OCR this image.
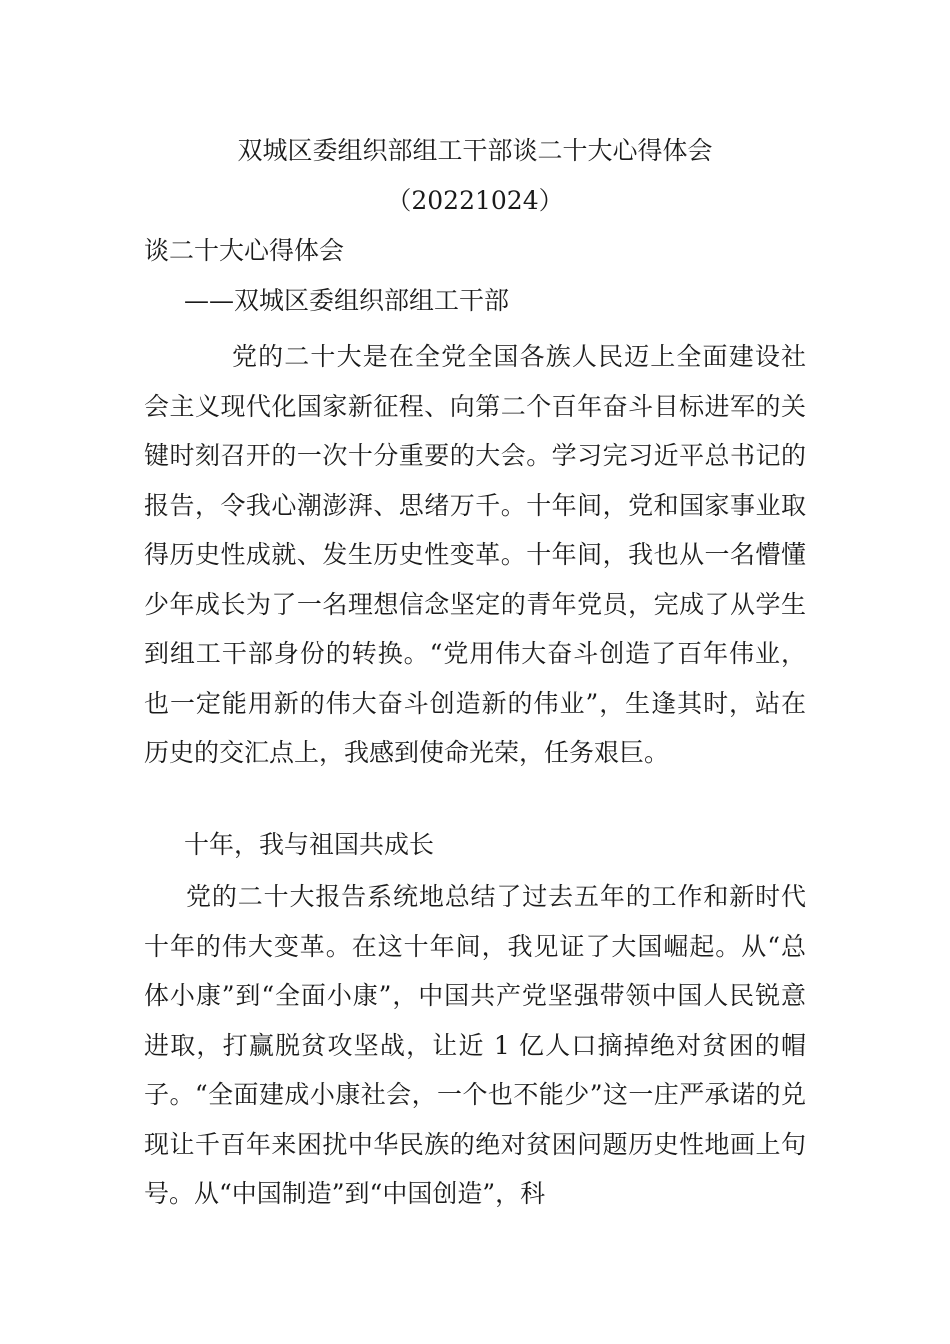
双城区委组织部组工干部谈二十大心得体会
（20221024）
谈二十大心得体会
——双城区委组织部组工干部

党的二十大是在全党全国各族人民迈上全面建设社会主义现代化国家新征程、向第二个百年奋斗目标进军的关键时刻召开的一次十分重要的大会。学习完习近平总书记的报告，令我心潮澎湃、思绪万千。十年间，党和国家事业取得历史性成就、发生历史性变革。十年间，我也从一名懵懂少年成长为了一名理想信念坚定的青年党员，完成了从学生到组工干部身份的转换。“党用伟大奋斗创造了百年伟业，也一定能用新的伟大奋斗创造新的伟业”，生逢其时，站在历史的交汇点上，我感到使命光荣，任务艰巨。

十年，我与祖国共成长

党的二十大报告系统地总结了过去五年的工作和新时代十年的伟大变革。在这十年间，我见证了大国崛起。从“总体小康”到“全面小康”，中国共产党坚强带领中国人民锐意进取，打赢脱贫攻坚战，让近 1 亿人口摘掉绝对贫困的帽子。“全面建成小康社会，一个也不能少”这一庄严承诺的兑现让千百年来困扰中华民族的绝对贫困问题历史性地画上句号。从“中国制造”到“中国创造”，科
